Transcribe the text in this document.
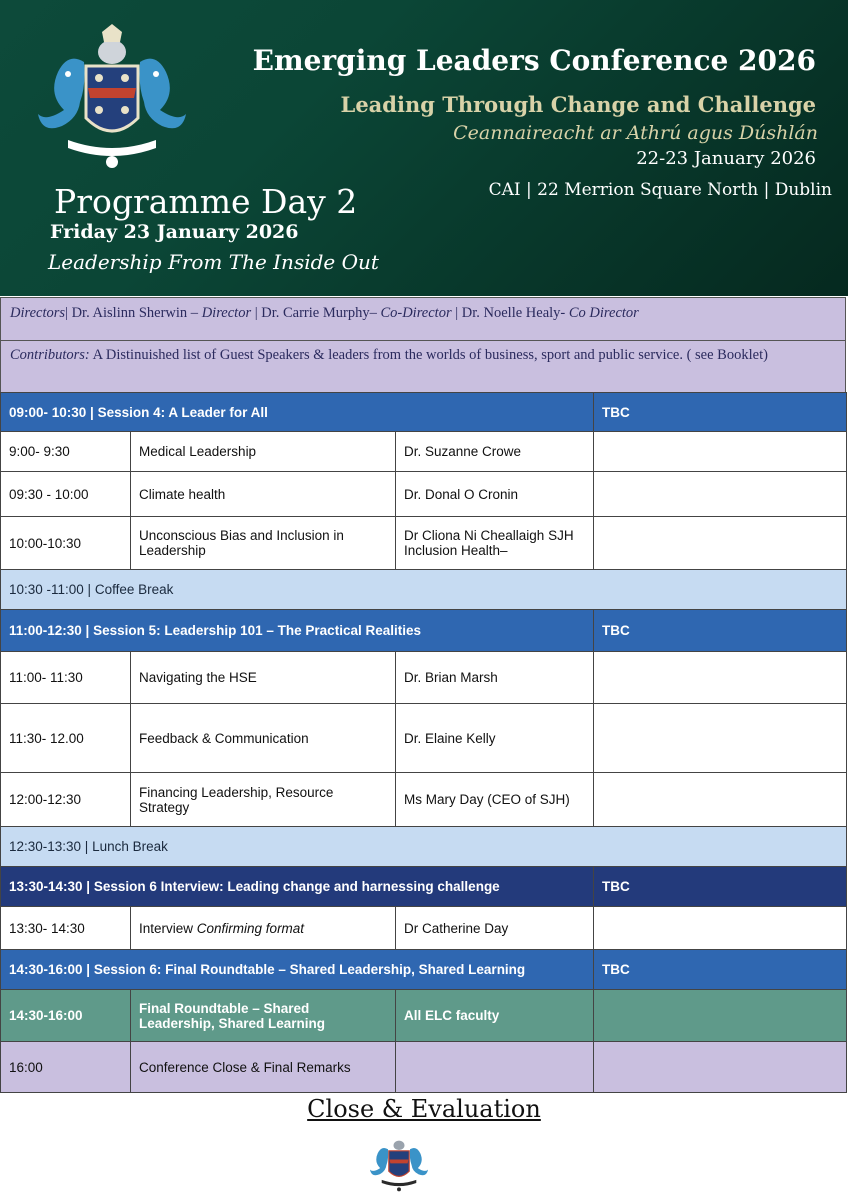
Emerging Leaders Conference 2026
Leading Through Change and Challenge
Ceannaireacht ar Athrú agus Dúshlán
22-23 January 2026
CAI | 22 Merrion Square North | Dublin
Programme Day 2
Friday 23 January 2026
Leadership From The Inside Out
Directors| Dr. Aislinn Sherwin – Director | Dr. Carrie Murphy– Co-Director | Dr. Noelle Healy- Co Director
Contributors: A Distinuished list of Guest Speakers & leaders from the worlds of business, sport and public service. ( see Booklet)
09:00- 10:30 | Session 4: A Leader for All			TBC
9:00- 9:30	Medical Leadership	Dr. Suzanne Crowe	
09:30 - 10:00	Climate health	Dr. Donal O Cronin	
10:00-10:30	Unconscious Bias and Inclusion in Leadership	Dr Cliona Ni Cheallaigh SJH Inclusion Health–	
10:30 -11:00 | Coffee Break			
11:00-12:30 | Session 5: Leadership 101 – The Practical Realities			TBC
11:00- 11:30	Navigating the HSE	Dr. Brian Marsh	
11:30- 12.00	Feedback & Communication	Dr. Elaine Kelly	
12:00-12:30	Financing Leadership, Resource Strategy	Ms Mary Day (CEO of SJH)	
12:30-13:30 | Lunch Break			
13:30-14:30 | Session 6 Interview: Leading change and harnessing challenge			TBC
13:30- 14:30	Interview Confirming format	Dr Catherine Day	
14:30-16:00 | Session 6: Final Roundtable – Shared Leadership, Shared Learning			TBC
14:30-16:00	Final Roundtable – Shared Leadership, Shared Learning	All ELC faculty	
16:00	Conference Close & Final Remarks		
Close & Evaluation
